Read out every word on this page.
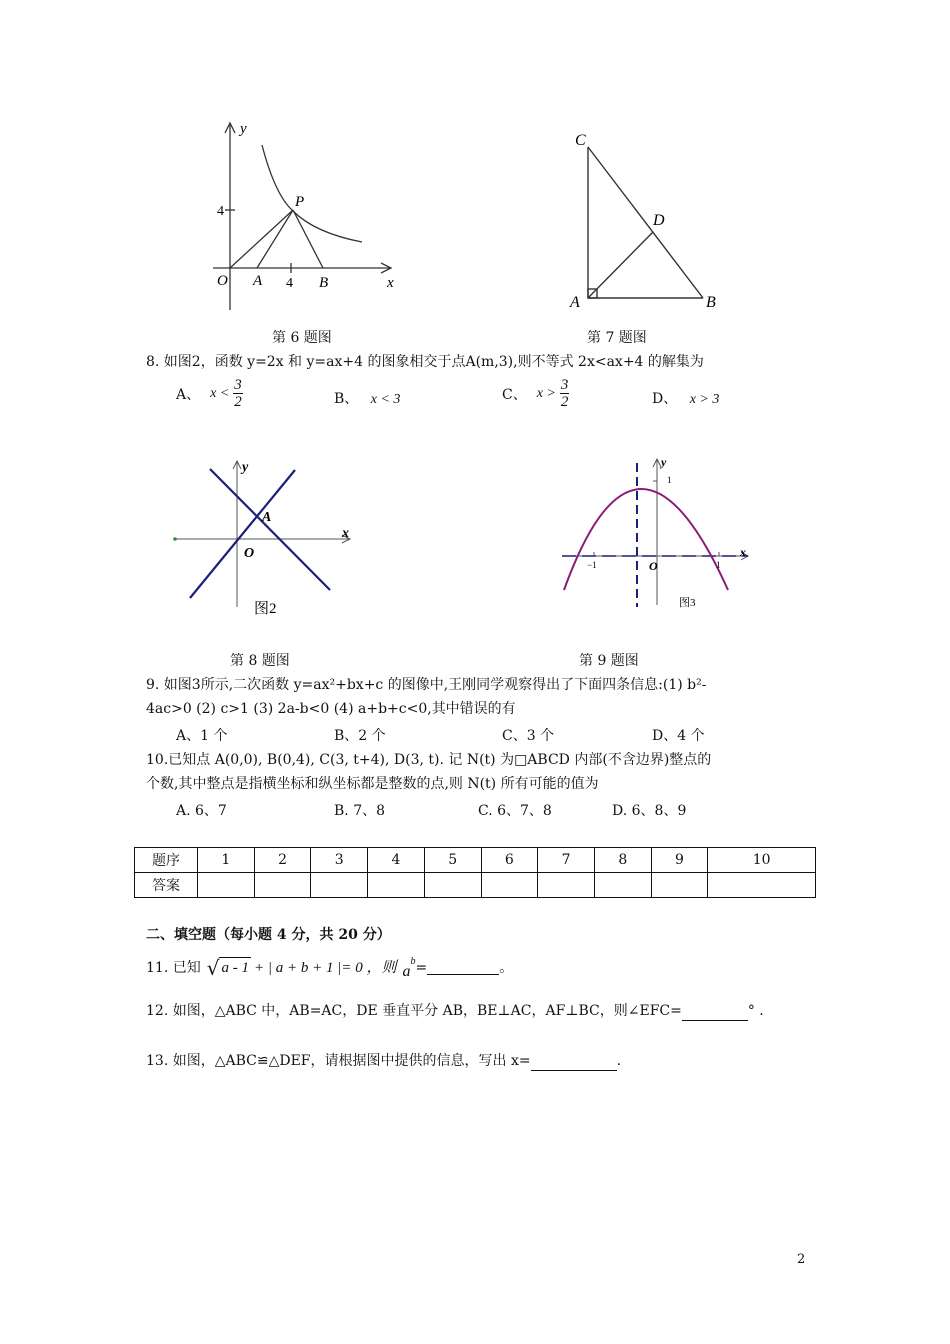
y
4
P
O A 4 B	x
第 6 题图
C
D
A	B
第 7 题图
8. 如图2，函数 y=2x 和 y=ax+4 的图象相交于点A(m,3),则不等式 2x<ax+4 的解集为
A、 $x < \frac{3}{2}$	B、 x < 3	C、 $x > \frac{3}{2}$	D、 x > 3
y
x
A
O
图2
第 8 题图
y
1
x
−1	O	1
图3
第 9 题图
9. 如图3所示,二次函数 y=ax²+bx+c 的图像中,王刚同学观察得出了下面四条信息:(1) b²-
4ac>0 (2) c>1 (3) 2a-b<0 (4) a+b+c<0,其中错误的有
A、1 个	B、2 个	C、3 个	D、4 个
10.已知点 A(0,0), B(0,4), C(3, t+4), D(3, t). 记 N(t) 为□ABCD 内部(不含边界)整点的
个数,其中整点是指横坐标和纵坐标都是整数的点,则 N(t) 所有可能的值为
A. 6、7	B. 7、8	C. 6、7、8	D. 6、8、9
题序	1	2	3	4	5	6	7	8	9	10
答案										
二、填空题（每小题 4 分，共 20 分）
11. 已知 √ a - 1 + | a + b + 1 |= 0 ，则 a
b =	。
12. 如图，△ABC 中，AB=AC，DE 垂直平分 AB，BE⊥AC，AF⊥BC，则∠EFC=	° .
13. 如图，△ABC≌△DEF，请根据图中提供的信息，写出 x=	.
2
